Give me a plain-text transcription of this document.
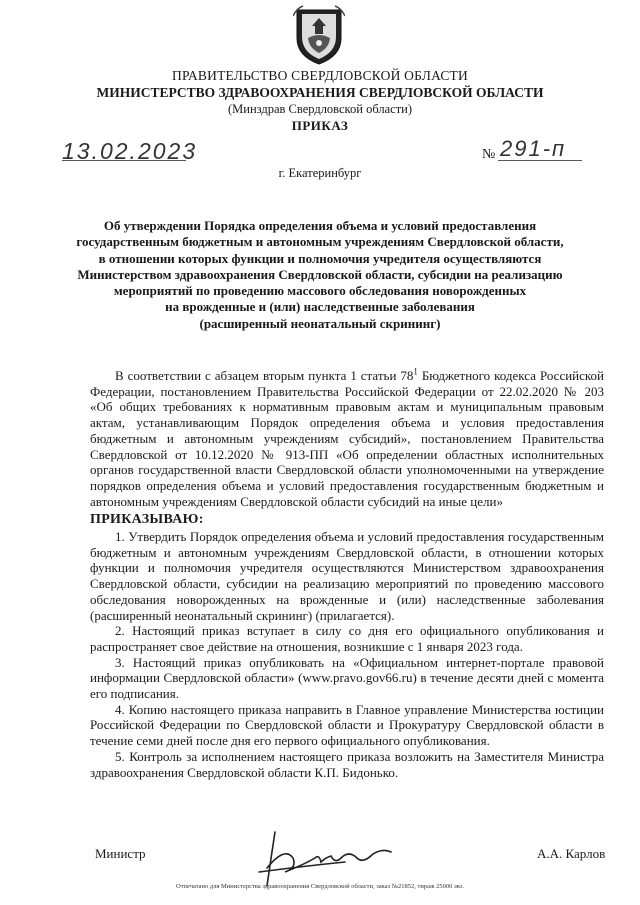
ПРАВИТЕЛЬСТВО СВЕРДЛОВСКОЙ ОБЛАСТИ
МИНИСТЕРСТВО ЗДРАВООХРАНЕНИЯ СВЕРДЛОВСКОЙ ОБЛАСТИ
(Минздрав Свердловской области)
ПРИКАЗ
13.02.2023	№ 291-п
г. Екатеринбург
Об утверждении Порядка определения объема и условий предоставления
государственным бюджетным и автономным учреждениям Свердловской области,
в отношении которых функции и полномочия учредителя осуществляются
Министерством здравоохранения Свердловской области, субсидии на реализацию
мероприятий по проведению массового обследования новорожденных
на врожденные и (или) наследственные заболевания
(расширенный неонатальный скрининг)

В соответствии с абзацем вторым пункта 1 статьи $78^1$ Бюджетного кодекса Российской Федерации, постановлением Правительства Российской Федерации от 22.02.2020 № 203 «Об общих требованиях к нормативным правовым актам и муниципальным правовым актам, устанавливающим Порядок определения объема и условия предоставления бюджетным и автономным учреждениям субсидий», постановлением Правительства Свердловской от 10.12.2020 № 913-ПП «Об определении областных исполнительных органов государственной власти Свердловской области уполномоченными на утверждение порядков определения объема и условий предоставления государственным бюджетным и автономным учреждениям Свердловской области субсидий на иные цели»

ПРИКАЗЫВАЮ:

1. Утвердить Порядок определения объема и условий предоставления государственным бюджетным и автономным учреждениям Свердловской области, в отношении которых функции и полномочия учредителя осуществляются Министерством здравоохранения Свердловской области, субсидии на реализацию мероприятий по проведению массового обследования новорожденных на врожденные и (или) наследственные заболевания (расширенный неонатальный скрининг) (прилагается).

2. Настоящий приказ вступает в силу со дня его официального опубликования и распространяет свое действие на отношения, возникшие с 1 января 2023 года.

3. Настоящий приказ опубликовать на «Официальном интернет-портале правовой информации Свердловской области» (www.pravo.gov66.ru) в течение десяти дней с момента его подписания.

4. Копию настоящего приказа направить в Главное управление Министерства юстиции Российской Федерации по Свердловской области и Прокуратуру Свердловской области в течение семи дней после дня его первого официального опубликования.

5. Контроль за исполнением настоящего приказа возложить на Заместителя Министра здравоохранения Свердловской области К.П. Бидонько.

Министр	А.А. Карлов
Отпечатано для Министерства здравоохранения Свердловской области, заказ №21852, тираж 25000 экз.
